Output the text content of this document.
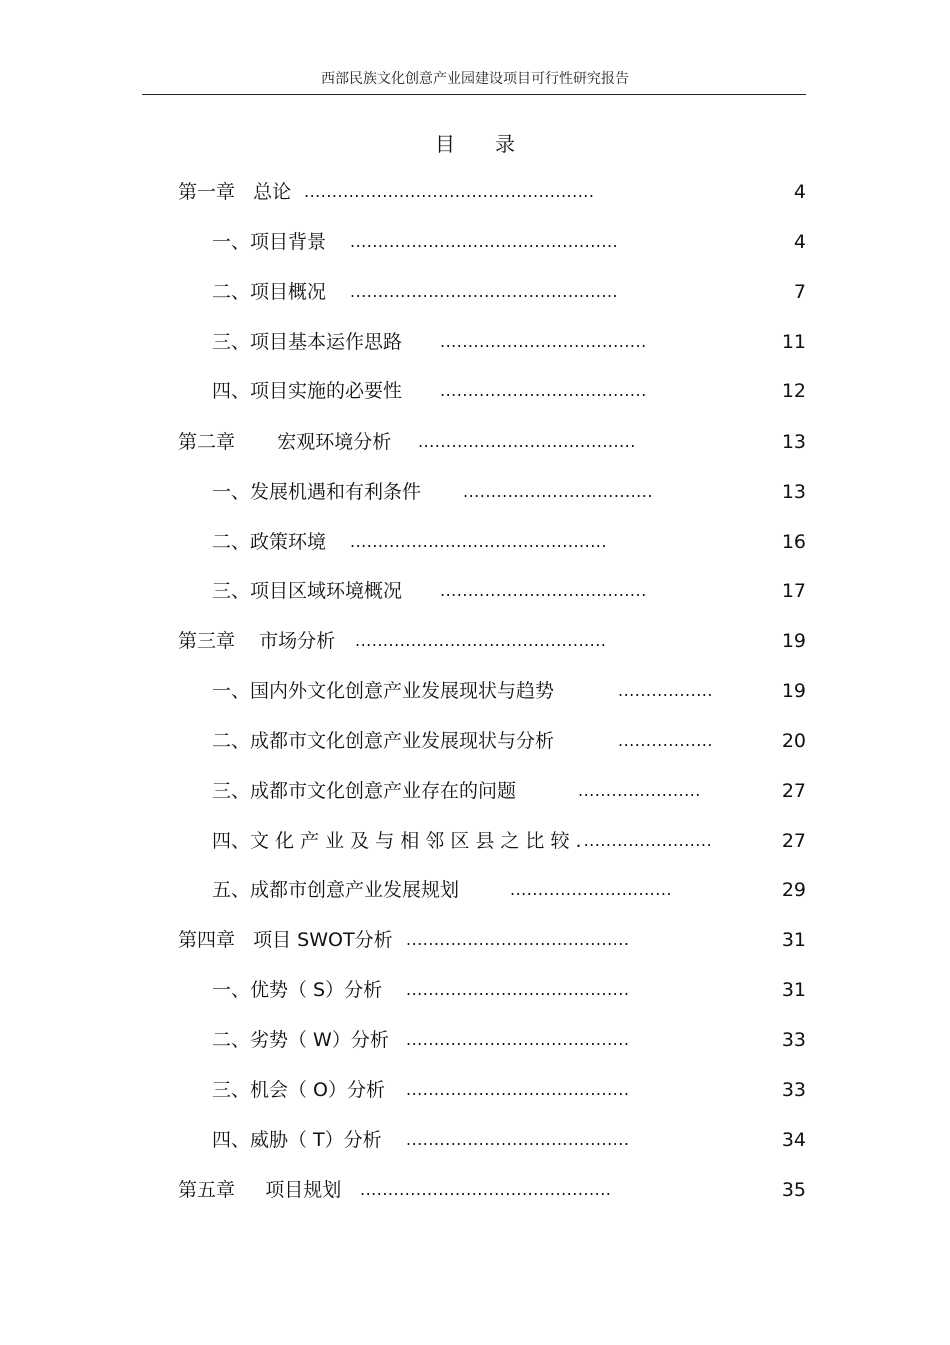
西部民族文化创意产业园建设项目可行性研究报告
目录
第一章   总论 ....................................................	4
一、项目背景 ................................................	4
二、项目概况 ................................................	7
三、项目基本运作思路 .....................................	11
四、项目实施的必要性 .....................................	12
第二章       宏观环境分析 .......................................	13
一、发展机遇和有利条件	..................................	13
二、政策环境 ..............................................	16
三、项目区域环境概况 .....................................	17
第三章    市场分析 .............................................	19
一、国内外文化创意产业发展现状与趋势	.................	19
二、成都市文化创意产业发展现状与分析	.................	20
三、成都市文化创意产业存在的问题	......................	27
四、文 化 产 业 及 与 相 邻 区 县 之 比 较 . .......................	27
五、成都市创意产业发展规划	.............................	29
第四章   项目 SWOT分析 ........................................	31
一、优势（ S）分析 ........................................	31
二、劣势（ W）分析 ........................................	33
三、机会（ O）分析 ........................................	33
四、威胁（ T）分析 ........................................	34
第五章     项目规划 .............................................	35
